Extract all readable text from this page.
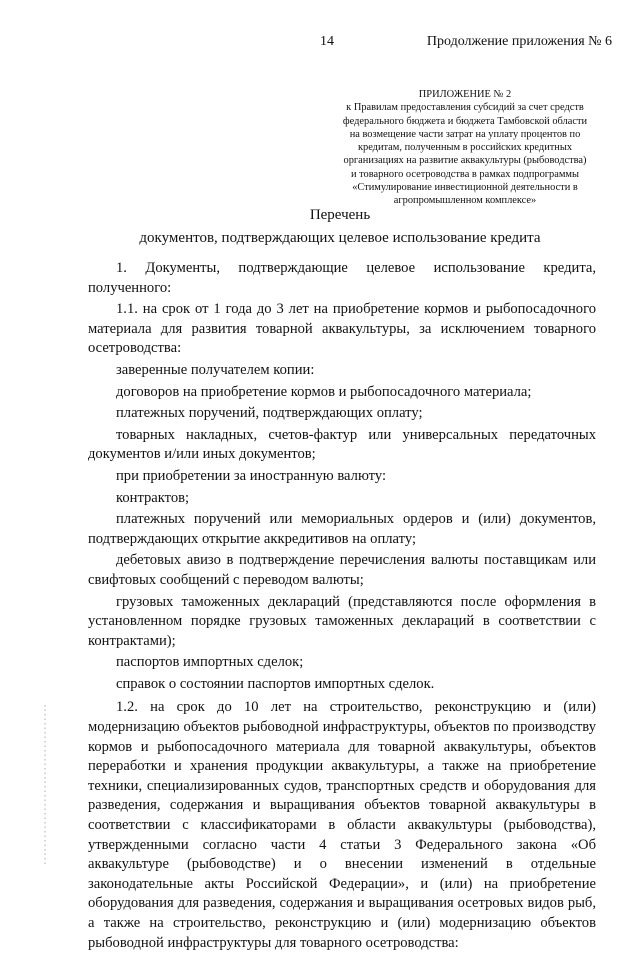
14	Продолжение приложения № 6
ПРИЛОЖЕНИЕ № 2
к Правилам предоставления субсидий за счет средств
федерального бюджета и бюджета Тамбовской области
на возмещение части затрат на уплату процентов по
кредитам, полученным в российских кредитных
организациях на развитие аквакультуры (рыбоводства)
и товарного осетроводства в рамках подпрограммы
«Стимулирование инвестиционной деятельности в
агропромышленном комплексе»
Перечень
документов, подтверждающих целевое использование кредита

1. Документы, подтверждающие целевое использование кредита, полученного:

1.1. на срок от 1 года до 3 лет на приобретение кормов и рыбопосадочного материала для развития товарной аквакультуры, за исключением товарного осетроводства:

заверенные получателем копии:

договоров на приобретение кормов и рыбопосадочного материала;

платежных поручений, подтверждающих оплату;

товарных накладных, счетов-фактур или универсальных передаточных документов и/или иных документов;

при приобретении за иностранную валюту:

контрактов;

платежных поручений или мемориальных ордеров и (или) документов, подтверждающих открытие аккредитивов на оплату;

дебетовых авизо в подтверждение перечисления валюты поставщикам или свифтовых сообщений с переводом валюты;

грузовых таможенных деклараций (представляются после оформления в установленном порядке грузовых таможенных деклараций в соответствии с контрактами);

паспортов импортных сделок;

справок о состоянии паспортов импортных сделок.

1.2. на срок до 10 лет на строительство, реконструкцию и (или) модернизацию объектов рыбоводной инфраструктуры, объектов по производству кормов и рыбопосадочного материала для товарной аквакультуры, объектов переработки и хранения продукции аквакультуры, а также на приобретение техники, специализированных судов, транспортных средств и оборудования для разведения, содержания и выращивания объектов товарной аквакультуры в соответствии с классификаторами в области аквакультуры (рыбоводства), утвержденными согласно части 4 статьи 3 Федерального закона «Об аквакультуре (рыбоводстве) и о внесении изменений в отдельные законодательные акты Российской Федерации», и (или) на приобретение оборудования для разведения, содержания и выращивания осетровых видов рыб, а также на строительство, реконструкцию и (или) модернизацию объектов рыбоводной инфраструктуры для товарного осетроводства:
